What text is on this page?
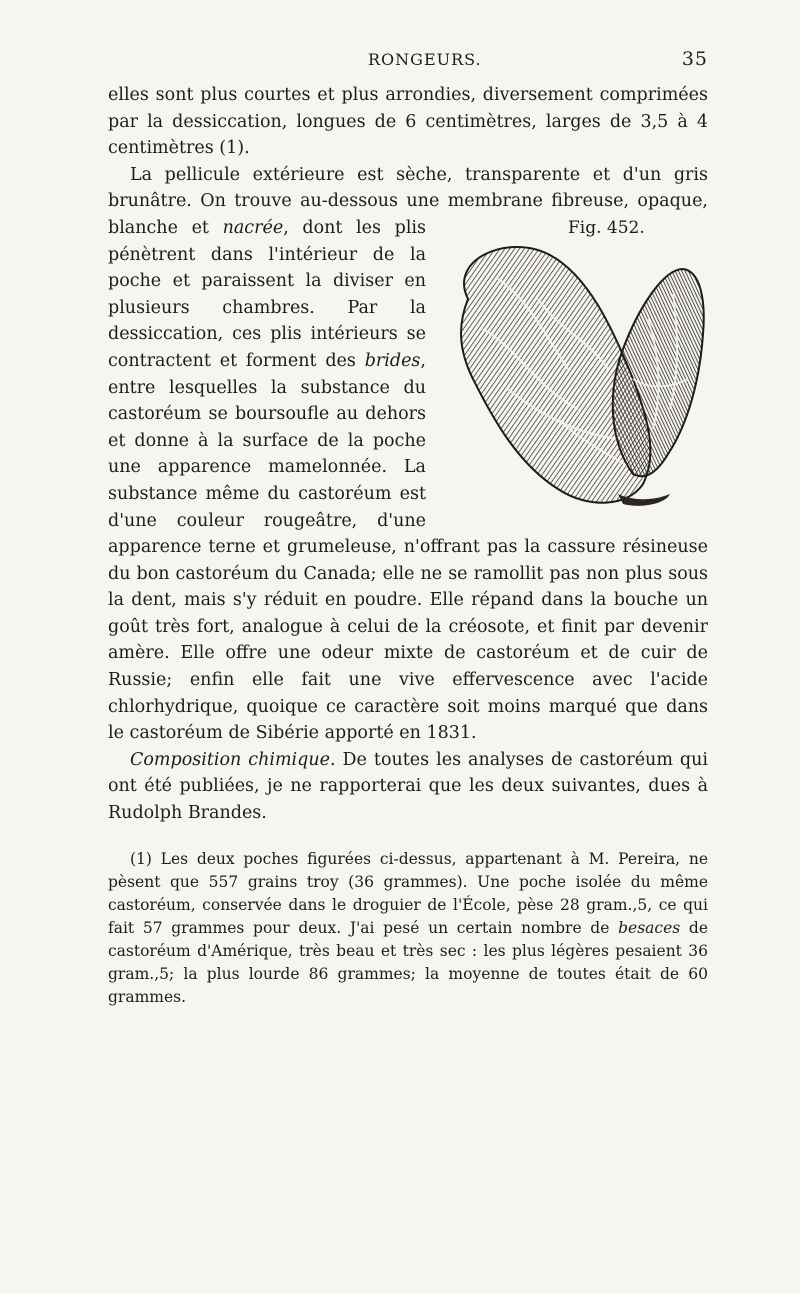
RONGEURS.	35

elles sont plus courtes et plus arrondies, diversement comprimées par la dessiccation, longues de 6 centimètres, larges de 3,5 à 4 centimètres (1).

La pellicule extérieure est sèche, transparente et d'un gris brunâtre. On trouve au-dessous une membrane fibreuse, opaque, blanche et nacrée	Fig. 452.
, dont les plis pénètrent dans l'intérieur de la poche et paraissent la diviser en plusieurs chambres. Par la dessiccation, ces plis intérieurs se contractent et forment des brides, entre lesquelles la substance du castoréum se boursoufle au dehors et donne à la surface de la poche une apparence mamelonnée. La substance même du castoréum est d'une couleur rougeâtre, d'une apparence terne et grumeleuse, n'offrant pas la cassure résineuse du bon castoréum du Canada; elle ne se ramollit pas non plus sous la dent, mais s'y réduit en poudre. Elle répand dans la bouche un goût très fort, analogue à celui de la créosote, et finit par devenir amère. Elle offre une odeur mixte de castoréum et de cuir de Russie; enfin elle fait une vive effervescence avec l'acide chlorhydrique, quoique ce caractère soit moins marqué que dans le castoréum de Sibérie apporté en 1831.

Composition chimique. De toutes les analyses de castoréum qui ont été publiées, je ne rapporterai que les deux suivantes, dues à Rudolph Brandes.

(1) Les deux poches figurées ci-dessus, appartenant à M. Pereira, ne pèsent que 557 grains troy (36 grammes). Une poche isolée du même castoréum, conservée dans le droguier de l'École, pèse 28 gram.,5, ce qui fait 57 grammes pour deux. J'ai pesé un certain nombre de besaces de castoréum d'Amérique, très beau et très sec : les plus légères pesaient 36 gram.,5; la plus lourde 86 grammes; la moyenne de toutes était de 60 grammes.
